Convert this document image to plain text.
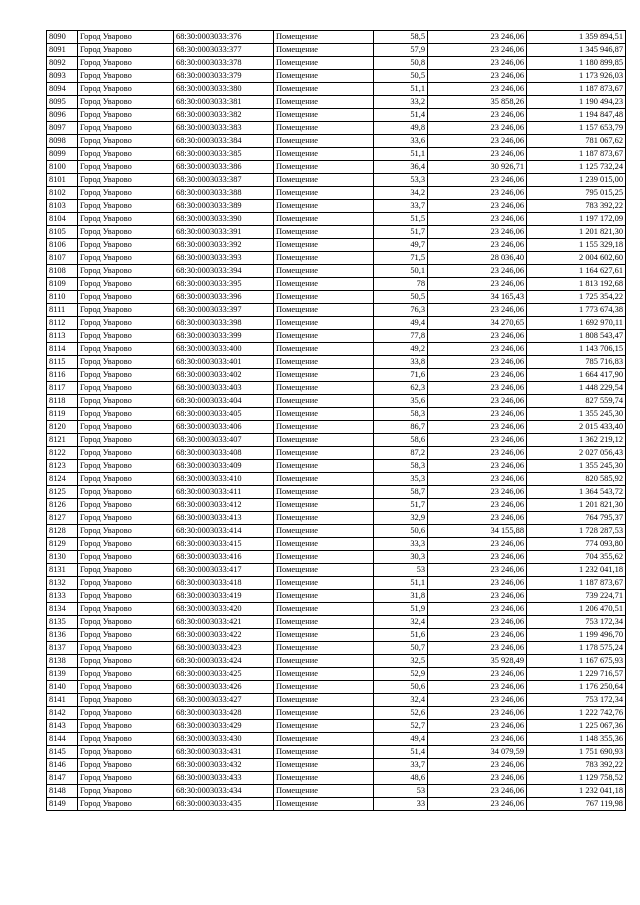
8090	Город Уварово	68:30:0003033:376	Помещение	58,5	23 246,06	1 359 894,51
8091	Город Уварово	68:30:0003033:377	Помещение	57,9	23 246,06	1 345 946,87
8092	Город Уварово	68:30:0003033:378	Помещение	50,8	23 246,06	1 180 899,85
8093	Город Уварово	68:30:0003033:379	Помещение	50,5	23 246,06	1 173 926,03
8094	Город Уварово	68:30:0003033:380	Помещение	51,1	23 246,06	1 187 873,67
8095	Город Уварово	68:30:0003033:381	Помещение	33,2	35 858,26	1 190 494,23
8096	Город Уварово	68:30:0003033:382	Помещение	51,4	23 246,06	1 194 847,48
8097	Город Уварово	68:30:0003033:383	Помещение	49,8	23 246,06	1 157 653,79
8098	Город Уварово	68:30:0003033:384	Помещение	33,6	23 246,06	781 067,62
8099	Город Уварово	68:30:0003033:385	Помещение	51,1	23 246,06	1 187 873,67
8100	Город Уварово	68:30:0003033:386	Помещение	36,4	30 926,71	1 125 732,24
8101	Город Уварово	68:30:0003033:387	Помещение	53,3	23 246,06	1 239 015,00
8102	Город Уварово	68:30:0003033:388	Помещение	34,2	23 246,06	795 015,25
8103	Город Уварово	68:30:0003033:389	Помещение	33,7	23 246,06	783 392,22
8104	Город Уварово	68:30:0003033:390	Помещение	51,5	23 246,06	1 197 172,09
8105	Город Уварово	68:30:0003033:391	Помещение	51,7	23 246,06	1 201 821,30
8106	Город Уварово	68:30:0003033:392	Помещение	49,7	23 246,06	1 155 329,18
8107	Город Уварово	68:30:0003033:393	Помещение	71,5	28 036,40	2 004 602,60
8108	Город Уварово	68:30:0003033:394	Помещение	50,1	23 246,06	1 164 627,61
8109	Город Уварово	68:30:0003033:395	Помещение	78	23 246,06	1 813 192,68
8110	Город Уварово	68:30:0003033:396	Помещение	50,5	34 165,43	1 725 354,22
8111	Город Уварово	68:30:0003033:397	Помещение	76,3	23 246,06	1 773 674,38
8112	Город Уварово	68:30:0003033:398	Помещение	49,4	34 270,65	1 692 970,11
8113	Город Уварово	68:30:0003033:399	Помещение	77,8	23 246,06	1 808 543,47
8114	Город Уварово	68:30:0003033:400	Помещение	49,2	23 246,06	1 143 706,15
8115	Город Уварово	68:30:0003033:401	Помещение	33,8	23 246,06	785 716,83
8116	Город Уварово	68:30:0003033:402	Помещение	71,6	23 246,06	1 664 417,90
8117	Город Уварово	68:30:0003033:403	Помещение	62,3	23 246,06	1 448 229,54
8118	Город Уварово	68:30:0003033:404	Помещение	35,6	23 246,06	827 559,74
8119	Город Уварово	68:30:0003033:405	Помещение	58,3	23 246,06	1 355 245,30
8120	Город Уварово	68:30:0003033:406	Помещение	86,7	23 246,06	2 015 433,40
8121	Город Уварово	68:30:0003033:407	Помещение	58,6	23 246,06	1 362 219,12
8122	Город Уварово	68:30:0003033:408	Помещение	87,2	23 246,06	2 027 056,43
8123	Город Уварово	68:30:0003033:409	Помещение	58,3	23 246,06	1 355 245,30
8124	Город Уварово	68:30:0003033:410	Помещение	35,3	23 246,06	820 585,92
8125	Город Уварово	68:30:0003033:411	Помещение	58,7	23 246,06	1 364 543,72
8126	Город Уварово	68:30:0003033:412	Помещение	51,7	23 246,06	1 201 821,30
8127	Город Уварово	68:30:0003033:413	Помещение	32,9	23 246,06	764 795,37
8128	Город Уварово	68:30:0003033:414	Помещение	50,6	34 155,88	1 728 287,53
8129	Город Уварово	68:30:0003033:415	Помещение	33,3	23 246,06	774 093,80
8130	Город Уварово	68:30:0003033:416	Помещение	30,3	23 246,06	704 355,62
8131	Город Уварово	68:30:0003033:417	Помещение	53	23 246,06	1 232 041,18
8132	Город Уварово	68:30:0003033:418	Помещение	51,1	23 246,06	1 187 873,67
8133	Город Уварово	68:30:0003033:419	Помещение	31,8	23 246,06	739 224,71
8134	Город Уварово	68:30:0003033:420	Помещение	51,9	23 246,06	1 206 470,51
8135	Город Уварово	68:30:0003033:421	Помещение	32,4	23 246,06	753 172,34
8136	Город Уварово	68:30:0003033:422	Помещение	51,6	23 246,06	1 199 496,70
8137	Город Уварово	68:30:0003033:423	Помещение	50,7	23 246,06	1 178 575,24
8138	Город Уварово	68:30:0003033:424	Помещение	32,5	35 928,49	1 167 675,93
8139	Город Уварово	68:30:0003033:425	Помещение	52,9	23 246,06	1 229 716,57
8140	Город Уварово	68:30:0003033:426	Помещение	50,6	23 246,06	1 176 250,64
8141	Город Уварово	68:30:0003033:427	Помещение	32,4	23 246,06	753 172,34
8142	Город Уварово	68:30:0003033:428	Помещение	52,6	23 246,06	1 222 742,76
8143	Город Уварово	68:30:0003033:429	Помещение	52,7	23 246,06	1 225 067,36
8144	Город Уварово	68:30:0003033:430	Помещение	49,4	23 246,06	1 148 355,36
8145	Город Уварово	68:30:0003033:431	Помещение	51,4	34 079,59	1 751 690,93
8146	Город Уварово	68:30:0003033:432	Помещение	33,7	23 246,06	783 392,22
8147	Город Уварово	68:30:0003033:433	Помещение	48,6	23 246,06	1 129 758,52
8148	Город Уварово	68:30:0003033:434	Помещение	53	23 246,06	1 232 041,18
8149	Город Уварово	68:30:0003033:435	Помещение	33	23 246,06	767 119,98
